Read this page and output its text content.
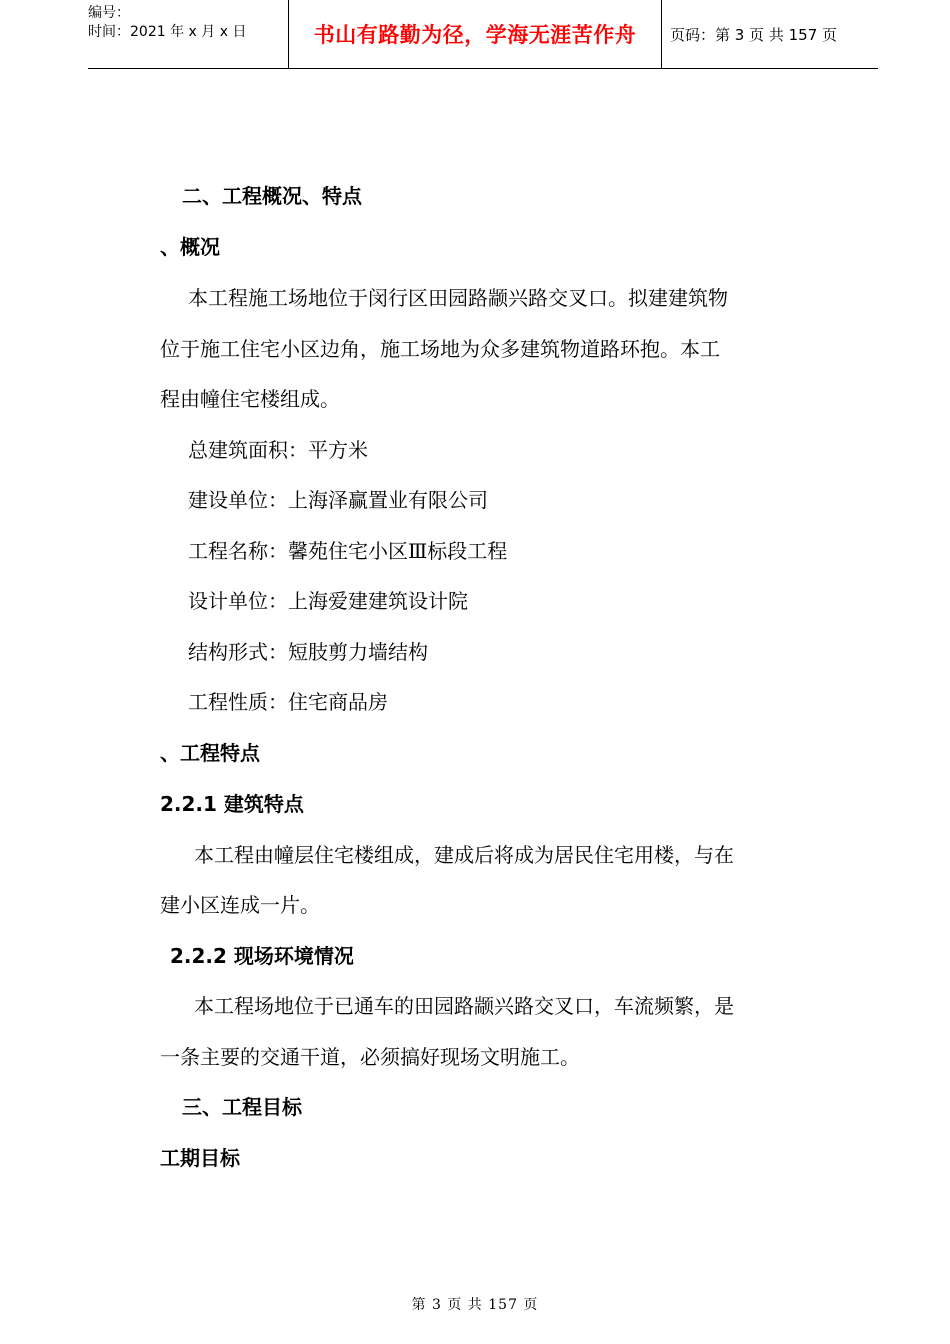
编号：
时间：2021 年 x 月 x 日	书山有路勤为径，学海无涯苦作舟	页码：第 3 页 共 157 页
二、工程概况、特点
、概况
本工程施工场地位于闵行区田园路颛兴路交叉口。拟建建筑物
位于施工住宅小区边角，施工场地为众多建筑物道路环抱。本工
程由幢住宅楼组成。
总建筑面积：平方米
建设单位：上海泽赢置业有限公司
工程名称：馨苑住宅小区Ⅲ标段工程
设计单位：上海爱建建筑设计院
结构形式：短肢剪力墙结构
工程性质：住宅商品房
、工程特点
2.2.1 建筑特点
本工程由幢层住宅楼组成，建成后将成为居民住宅用楼，与在
建小区连成一片。
2.2.2 现场环境情况
本工程场地位于已通车的田园路颛兴路交叉口，车流频繁，是
一条主要的交通干道，必须搞好现场文明施工。
三、工程目标
工期目标
第 3 页 共 157 页
